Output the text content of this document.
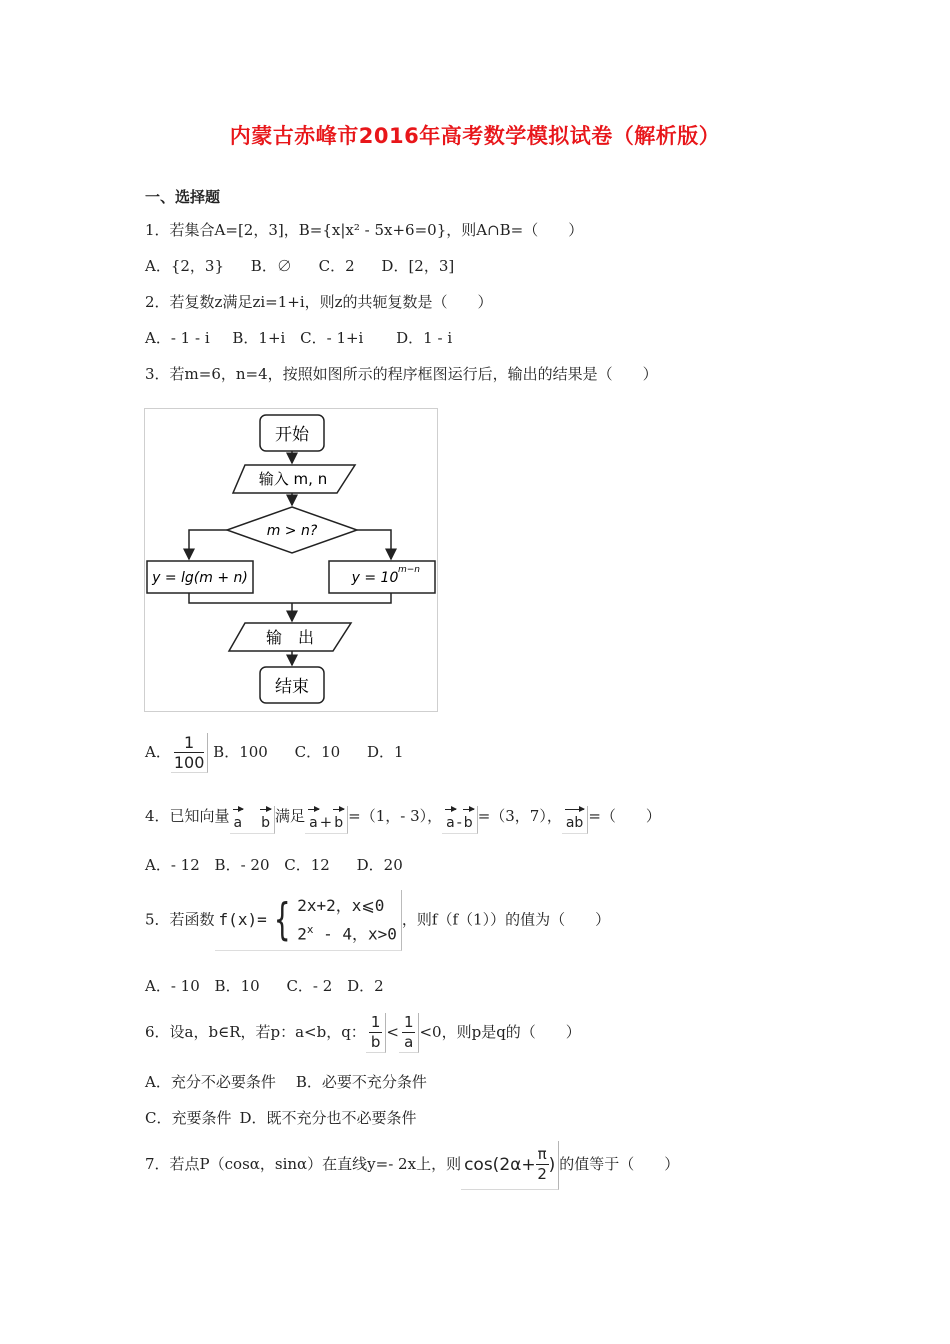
内蒙古赤峰市2016年高考数学模拟试卷（解析版）
一、选择题
1．若集合A=[2，3]，B={x|x² - 5x+6=0}，则A∩B=（　　）
A．{2，3} B．∅ C．2 D．[2，3]
2．若复数z满足zi=1+i，则z的共轭复数是（　　）
A．- 1 - i B．1+i C．- 1+i D．1 - i
3．若m=6，n=4，按照如图所示的程序框图运行后，输出的结果是（　　）
开始
输入 m, n
m > n?
y = lg(m + n)	y = 10 m−n
输　出
结束
A． $\frac{1}{100}$ B．100 C．10 D．1
4．已知向量 a　 b 满足 a + b =（1，- 3）， a - b =（3，7）， ab =（　　）
A．- 12 B．- 20 C．12 D．20
5．若函数 f(x)= { 2x+2，x⩽0
2$^x$ - 4，x>0
，则f（f（1））的值为（　　）
A．- 10 B．10 C．- 2 D．2
6．设a，b∈R，若p：a<b，q： $\frac{1}{b} < \frac{1}{a} <0$，则p是q的（　　）
A．充分不必要条件 B．必要不充分条件
C．充要条件 D．既不充分也不必要条件
7．若点P（cosα，sinα）在直线y=- 2x上，则 $\cos(2\alpha+ \frac{\pi}{2}$ ) 的值等于（　　）
